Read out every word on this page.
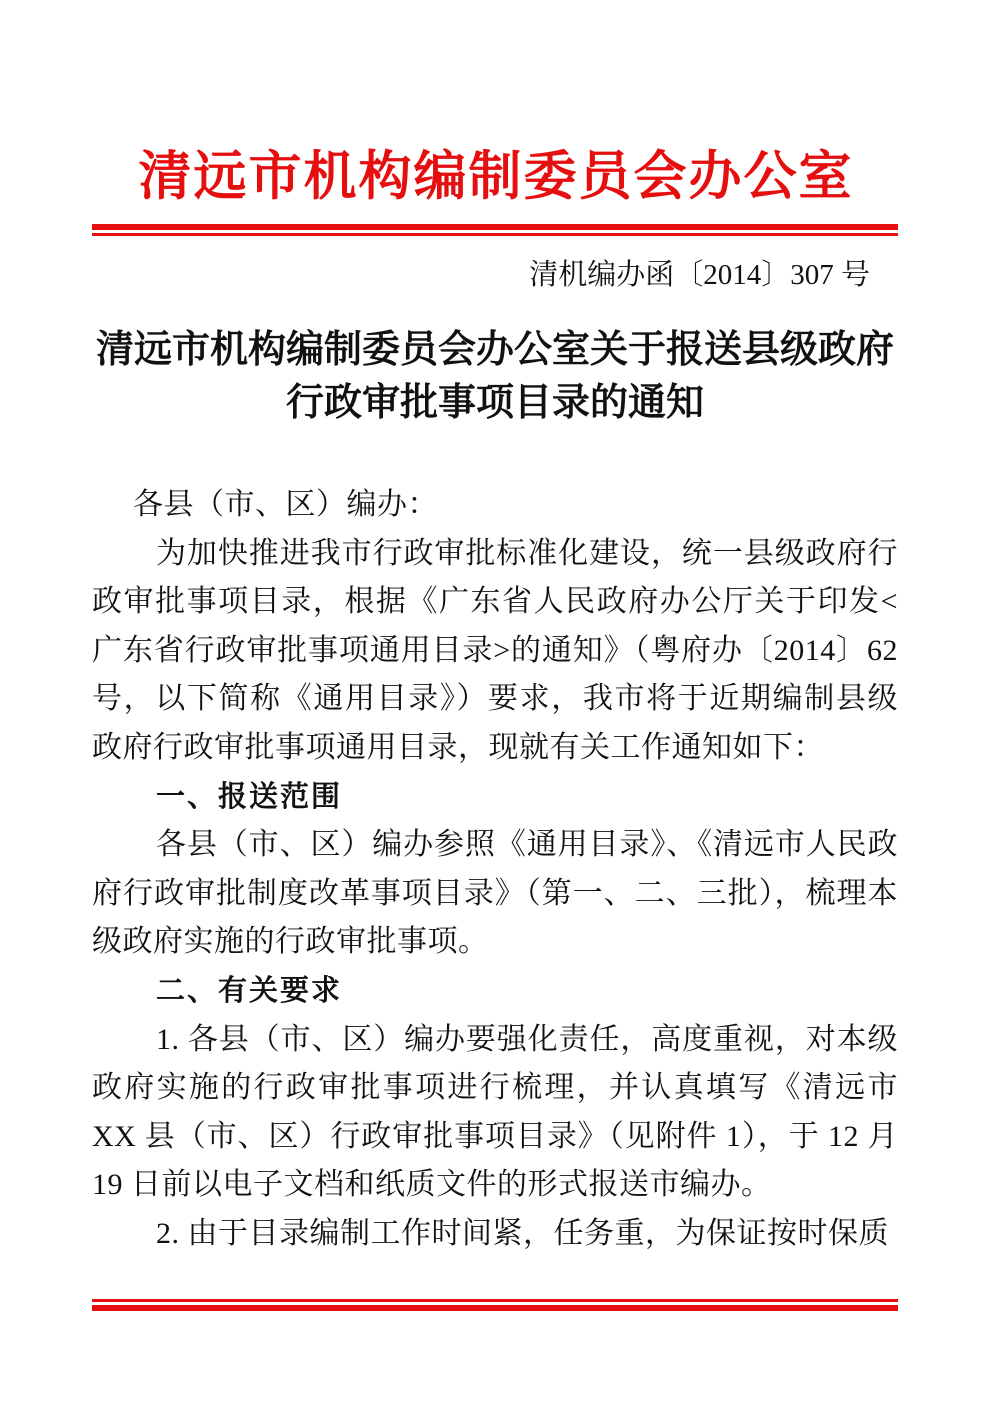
清远市机构编制委员会办公室

清机编办函〔2014〕307 号

清远市机构编制委员会办公室关于报送县级政府行政审批事项目录的通知

各县（市、区）编办：

为加快推进我市行政审批标准化建设，统一县级政府行政审批事项目录，根据《广东省人民政府办公厅关于印发<广东省行政审批事项通用目录>的通知》（粤府办〔2014〕62 号，以下简称《通用目录》）要求，我市将于近期编制县级政府行政审批事项通用目录，现就有关工作通知如下：

一、报送范围

各县（市、区）编办参照《通用目录》、《清远市人民政府行政审批制度改革事项目录》（第一、二、三批），梳理本级政府实施的行政审批事项。

二、有关要求

1. 各县（市、区）编办要强化责任，高度重视，对本级政府实施的行政审批事项进行梳理，并认真填写《清远市 XX 县（市、区）行政审批事项目录》（见附件 1），于 12 月 19 日前以电子文档和纸质文件的形式报送市编办。

2. 由于目录编制工作时间紧，任务重，为保证按时保质
